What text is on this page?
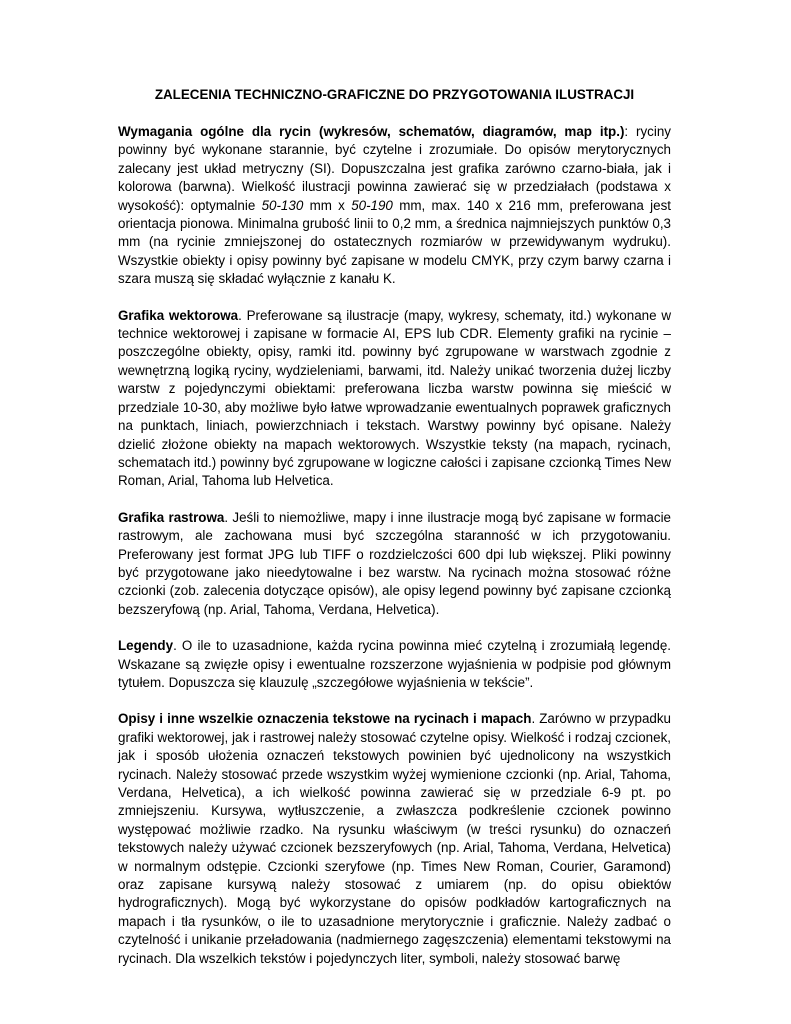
ZALECENIA TECHNICZNO-GRAFICZNE DO PRZYGOTOWANIA ILUSTRACJI

Wymagania ogólne dla rycin (wykresów, schematów, diagramów, map itp.): ryciny powinny być wykonane starannie, być czytelne i zrozumiałe. Do opisów merytorycznych zalecany jest układ metryczny (SI). Dopuszczalna jest grafika zarówno czarno-biała, jak i kolorowa (barwna). Wielkość ilustracji powinna zawierać się w przedziałach (podstawa x wysokość): optymalnie 50-130 mm x 50-190 mm, max. 140 x 216 mm, preferowana jest orientacja pionowa. Minimalna grubość linii to 0,2 mm, a średnica najmniejszych punktów 0,3 mm (na rycinie zmniejszonej do ostatecznych rozmiarów w przewidywanym wydruku). Wszystkie obiekty i opisy powinny być zapisane w modelu CMYK, przy czym barwy czarna i szara muszą się składać wyłącznie z kanału K.

Grafika wektorowa. Preferowane są ilustracje (mapy, wykresy, schematy, itd.) wykonane w technice wektorowej i zapisane w formacie AI, EPS lub CDR. Elementy grafiki na rycinie – poszczególne obiekty, opisy, ramki itd. powinny być zgrupowane w warstwach zgodnie z wewnętrzną logiką ryciny, wydzieleniami, barwami, itd. Należy unikać tworzenia dużej liczby warstw z pojedynczymi obiektami: preferowana liczba warstw powinna się mieścić w przedziale 10-30, aby możliwe było łatwe wprowadzanie ewentualnych poprawek graficznych na punktach, liniach, powierzchniach i tekstach. Warstwy powinny być opisane. Należy dzielić złożone obiekty na mapach wektorowych. Wszystkie teksty (na mapach, rycinach, schematach itd.) powinny być zgrupowane w logiczne całości i zapisane czcionką Times New Roman, Arial, Tahoma lub Helvetica.

Grafika rastrowa. Jeśli to niemożliwe, mapy i inne ilustracje mogą być zapisane w formacie rastrowym, ale zachowana musi być szczególna staranność w ich przygotowaniu. Preferowany jest format JPG lub TIFF o rozdzielczości 600 dpi lub większej. Pliki powinny być przygotowane jako nieedytowalne i bez warstw. Na rycinach można stosować różne czcionki (zob. zalecenia dotyczące opisów), ale opisy legend powinny być zapisane czcionką bezszeryfową (np. Arial, Tahoma, Verdana, Helvetica).

Legendy. O ile to uzasadnione, każda rycina powinna mieć czytelną i zrozumiałą legendę. Wskazane są zwięzłe opisy i ewentualne rozszerzone wyjaśnienia w podpisie pod głównym tytułem. Dopuszcza się klauzulę „szczegółowe wyjaśnienia w tekście”.

Opisy i inne wszelkie oznaczenia tekstowe na rycinach i mapach. Zarówno w przypadku grafiki wektorowej, jak i rastrowej należy stosować czytelne opisy. Wielkość i rodzaj czcionek, jak i sposób ułożenia oznaczeń tekstowych powinien być ujednolicony na wszystkich rycinach. Należy stosować przede wszystkim wyżej wymienione czcionki (np. Arial, Tahoma, Verdana, Helvetica), a ich wielkość powinna zawierać się w przedziale 6-9 pt. po zmniejszeniu. Kursywa, wytłuszczenie, a zwłaszcza podkreślenie czcionek powinno występować możliwie rzadko. Na rysunku właściwym (w treści rysunku) do oznaczeń tekstowych należy używać czcionek bezszeryfowych (np. Arial, Tahoma, Verdana, Helvetica) w normalnym odstępie. Czcionki szeryfowe (np. Times New Roman, Courier, Garamond) oraz zapisane kursywą należy stosować z umiarem (np. do opisu obiektów hydrograficznych). Mogą być wykorzystane do opisów podkładów kartograficznych na mapach i tła rysunków, o ile to uzasadnione merytorycznie i graficznie. Należy zadbać o czytelność i unikanie przeładowania (nadmiernego zagęszczenia) elementami tekstowymi na rycinach. Dla wszelkich tekstów i pojedynczych liter, symboli, należy stosować barwę
